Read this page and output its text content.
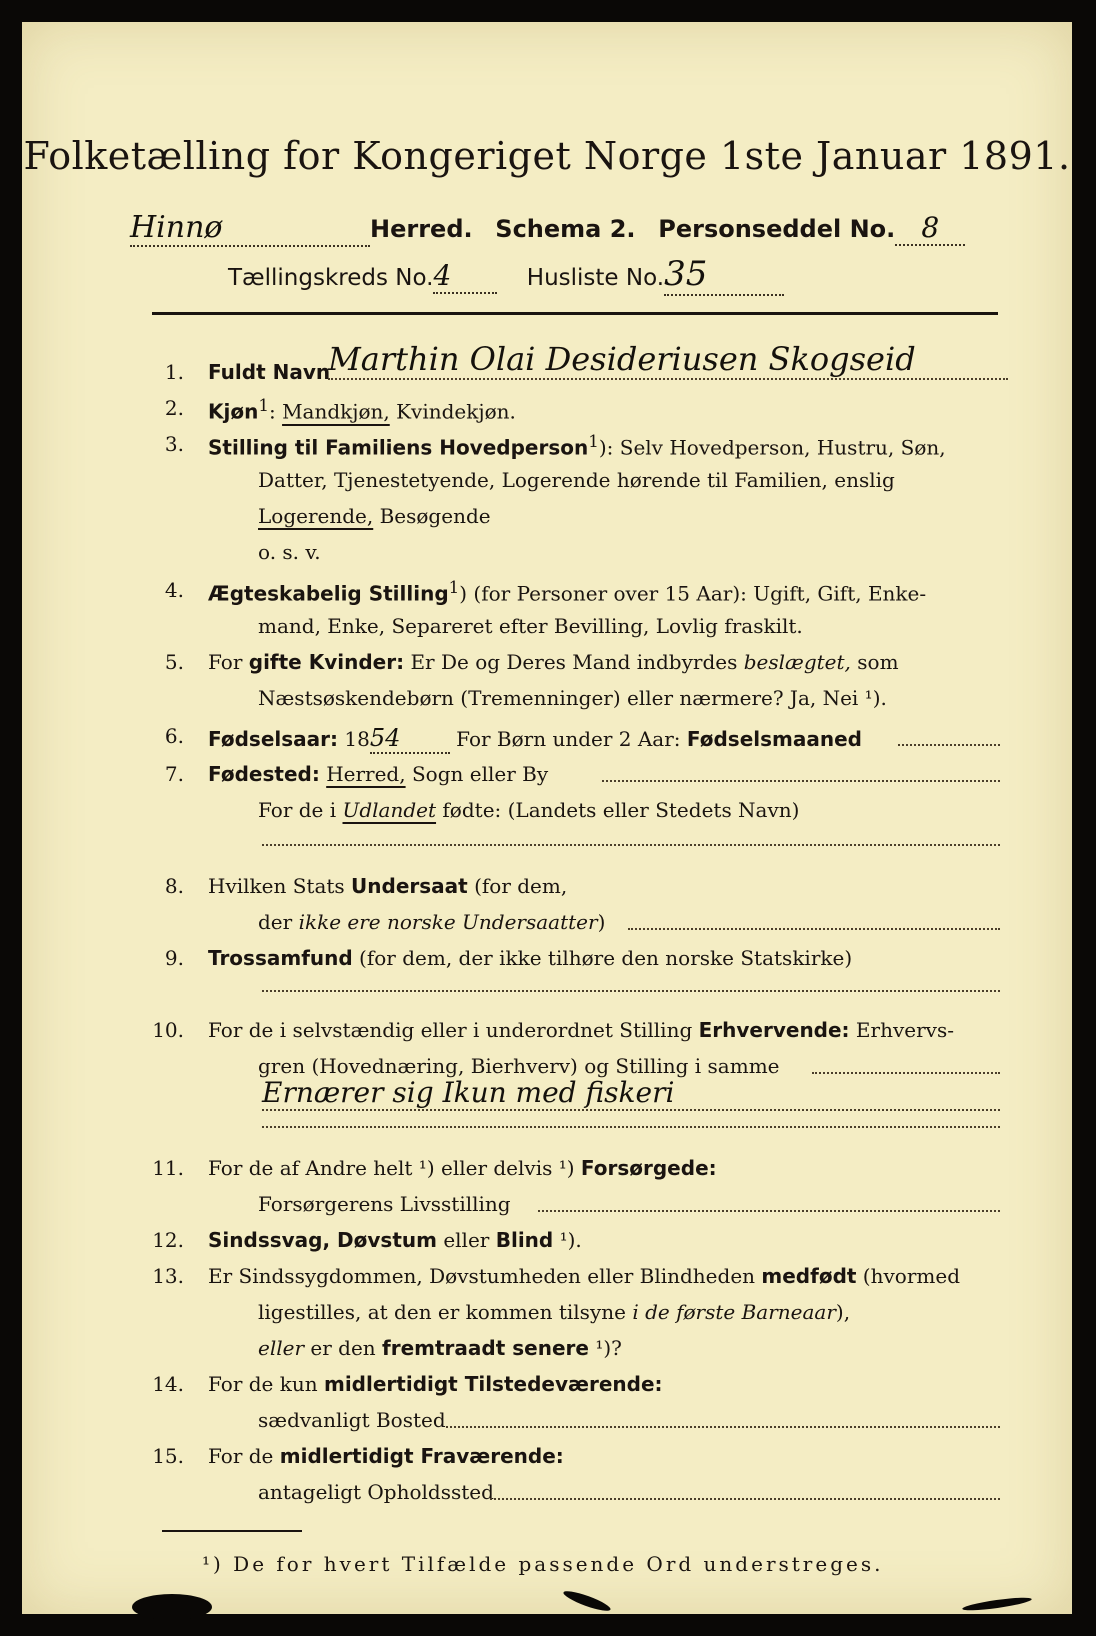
Folketælling for Kongeriget Norge 1ste Januar 1891.
Hinnø	Herred. Schema 2. Personseddel No. 8
Tællingskreds No.4	Husliste No.35
1. Fuldt Navn
Marthin Olai Desideriusen Skogseid
2. Kjøn$^1$: Mandkjøn, Kvindekjøn.
3. Stilling til Familiens Hovedperson$^1$): Selv Hovedperson, Hustru, Søn,
Datter, Tjenestetyende, Logerende hørende til Familien, enslig
Logerende, Besøgende
o. s. v.
4. Ægteskabelig Stilling$^1$) (for Personer over 15 Aar): Ugift, Gift, Enke-
mand, Enke, Separeret efter Bevilling, Lovlig fraskilt.
5. For gifte Kvinder: Er De og Deres Mand indbyrdes beslægtet, som
Næstsøskendebørn (Tremenninger) eller nærmere? Ja, Nei ¹).
6. Fødselsaar: 1854 For Børn under 2 Aar: Fødselsmaaned
7. Fødested: Herred, Sogn eller By
For de i Udlandet fødte: (Landets eller Stedets Navn)
8. Hvilken Stats Undersaat (for dem,
der ikke ere norske Undersaatter)
9. Trossamfund (for dem, der ikke tilhøre den norske Statskirke)
10. For de i selvstændig eller i underordnet Stilling Erhvervende: Erhvervs-
gren (Hovednæring, Bierhverv) og Stilling i samme
Ernærer sig Ikun med fiskeri
11. For de af Andre helt ¹) eller delvis ¹) Forsørgede:
Forsørgerens Livsstilling
12. Sindssvag, Døvstum eller Blind ¹).
13. Er Sindssygdommen, Døvstumheden eller Blindheden medfødt (hvormed
ligestilles, at den er kommen tilsyne i de første Barneaar),
eller er den fremtraadt senere ¹)?
14. For de kun midlertidigt Tilstedeværende:
sædvanligt Bosted
15. For de midlertidigt Fraværende:
antageligt Opholdssted
¹) De for hvert Tilfælde passende Ord understreges.
